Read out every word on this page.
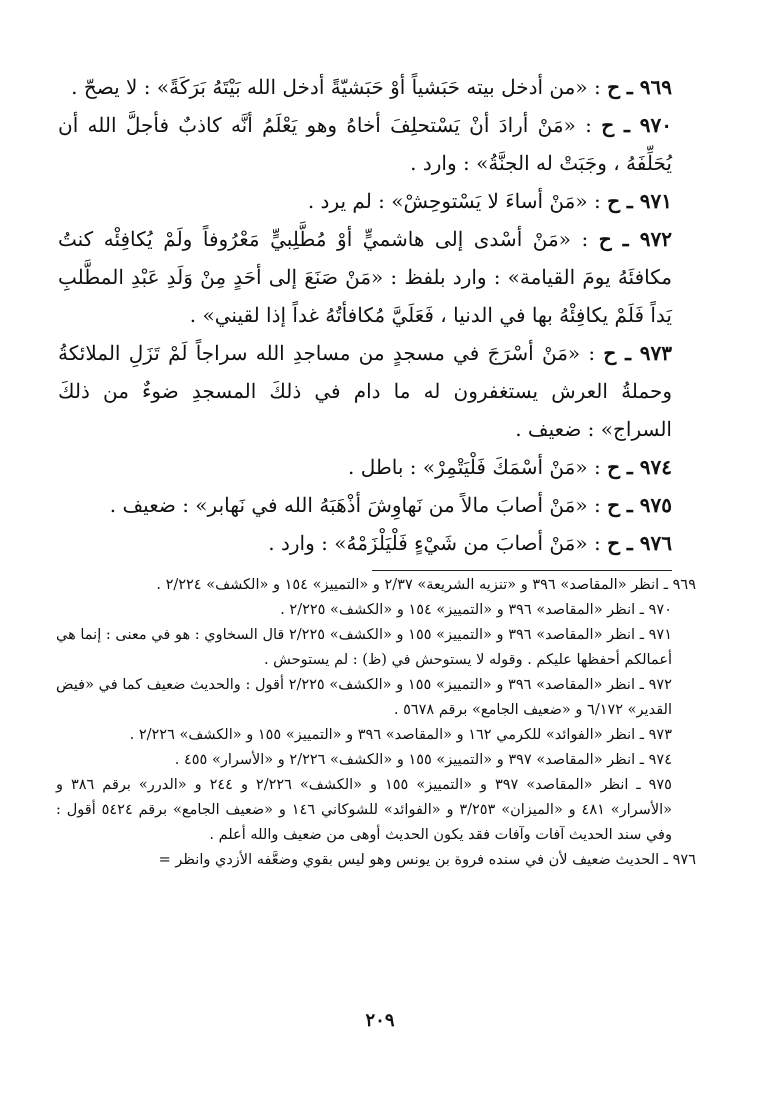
٩٦٩ ـ ح : «من أدخل بيته حَبَشياً أوْ حَبَشيّةً أدخل الله بَيْتَهُ بَرَكَةً» : لا يصحّ .

٩٧٠ ـ ح : «مَنْ أرادَ أنْ يَسْتحلِفَ أخاهُ وهو يَعْلَمُ أنَّه كاذبٌ فأجلَّ الله أن يُحَلِّفَهُ ، وجَبَتْ له الجنَّةُ» : وارد .

٩٧١ ـ ح : «مَنْ أساءَ لا يَسْتوحِشْ» : لم يرد .

٩٧٢ ـ ح : «مَنْ أسْدى إلى هاشميٍّ أوْ مُطَّلِبيٍّ مَعْرُوفاً ولَمْ يُكافِئْه كنتُ مكافئَهُ يومَ القيامة» : وارد بلفظ : «مَنْ صَنَعَ إلى أحَدٍ مِنْ وَلَدِ عَبْدِ المطَّلبِ يَداً فَلَمْ يكافِئْهُ بها في الدنيا ، فَعَلَيَّ مُكافأتُهُ غداً إذا لقيني» .

٩٧٣ ـ ح : «مَنْ أسْرَجَ في مسجدٍ من مساجدِ الله سراجاً لَمْ تَزَلِ الملائكةُ وحملةُ العرش يستغفرون له ما دام في ذلكَ المسجدِ ضوءٌ من ذلكَ السراج» : ضعيف .

٩٧٤ ـ ح : «مَنْ أسْمَكَ فَلْيَتْمِرْ» : باطل .

٩٧٥ ـ ح : «مَنْ أصابَ مالاً من نَهاوِشَ أذْهَبَهُ الله في نَهابر» : ضعيف .

٩٧٦ ـ ح : «مَنْ أصابَ من شَيْءٍ فَلْيَلْزَمْهُ» : وارد .

٩٦٩ ـ انظر «المقاصد» ٣٩٦ و «تنزيه الشريعة» ٢/٣٧ و «التمييز» ١٥٤ و «الكشف» ٢/٢٢٤ .

٩٧٠ ـ انظر «المقاصد» ٣٩٦ و «التمييز» ١٥٤ و «الكشف» ٢/٢٢٥ .

٩٧١ ـ انظر «المقاصد» ٣٩٦ و «التمييز» ١٥٥ و «الكشف» ٢/٢٢٥ قال السخاوي : هو في معنى : إنما هي أعمالكم أحفظها عليكم . وقوله لا يستوحش في (ظ) : لم يستوحش .

٩٧٢ ـ انظر «المقاصد» ٣٩٦ و «التمييز» ١٥٥ و «الكشف» ٢/٢٢٥ أقول : والحديث ضعيف كما في «فيض القدير» ٦/١٧٢ و «ضعيف الجامع» برقم ٥٦٧٨ .

٩٧٣ ـ انظر «الفوائد» للكرمي ١٦٢ و «المقاصد» ٣٩٦ و «التمييز» ١٥٥ و «الكشف» ٢/٢٢٦ .

٩٧٤ ـ انظر «المقاصد» ٣٩٧ و «التمييز» ١٥٥ و «الكشف» ٢/٢٢٦ و «الأسرار» ٤٥٥ .

٩٧٥ ـ انظر «المقاصد» ٣٩٧ و «التمييز» ١٥٥ و «الكشف» ٢/٢٢٦ و ٢٤٤ و «الدرر» برقم ٣٨٦ و «الأسرار» ٤٨١ و «الميزان» ٣/٢٥٣ و «الفوائد» للشوكاني ١٤٦ و «ضعيف الجامع» برقم ٥٤٢٤ أقول : وفي سند الحديث آفات وآفات فقد يكون الحديث أوهى من ضعيف والله أعلم .

٩٧٦ ـ الحديث ضعيف لأن في سنده فروة بن يونس وهو ليس بقوي وضعَّفه الأزدي وانظر =

٢٠٩
